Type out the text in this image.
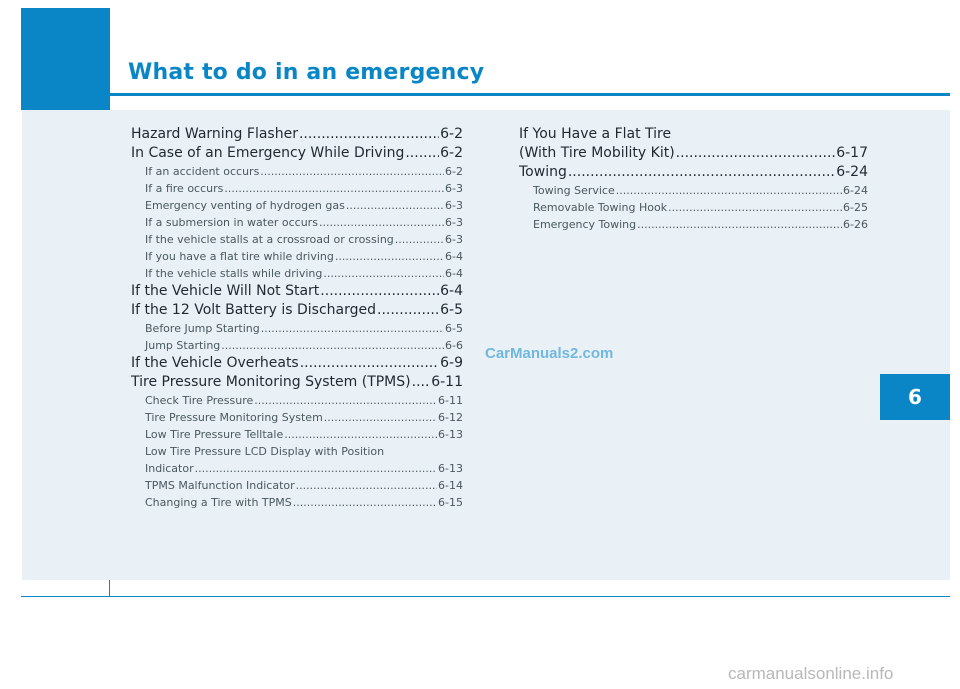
What to do in an emergency
Hazard Warning Flasher .....	6-2
In Case of an Emergency While Driving .....	6-2
If an accident occurs .....	6-2
If a fire occurs .....	6-3
Emergency venting of hydrogen gas .....	6-3
If a submersion in water occurs .....	6-3
If the vehicle stalls at a crossroad or crossing .....	6-3
If you have a flat tire while driving .....	6-4
If the vehicle stalls while driving .....	6-4
If the Vehicle Will Not Start .....	6-4
If the 12 Volt Battery is Discharged .....	6-5
Before Jump Starting .....	6-5
Jump Starting .....	6-6
If the Vehicle Overheats .....	6-9
Tire Pressure Monitoring System (TPMS) ..... 6-11
Check Tire Pressure .....	6-11
Tire Pressure Monitoring System .....	6-12
Low Tire Pressure Telltale .....	6-13
Low Tire Pressure LCD Display with Position
Indicator .....	6-13
TPMS Malfunction Indicator .....	6-14
Changing a Tire with TPMS .....	6-15
If You Have a Flat Tire
(With Tire Mobility Kit) .....	6-17
Towing .....	6-24
Towing Service .....	6-24
Removable Towing Hook .....	6-25
Emergency Towing .....	6-26
6
CarManuals2.com
carmanualsonline.info
